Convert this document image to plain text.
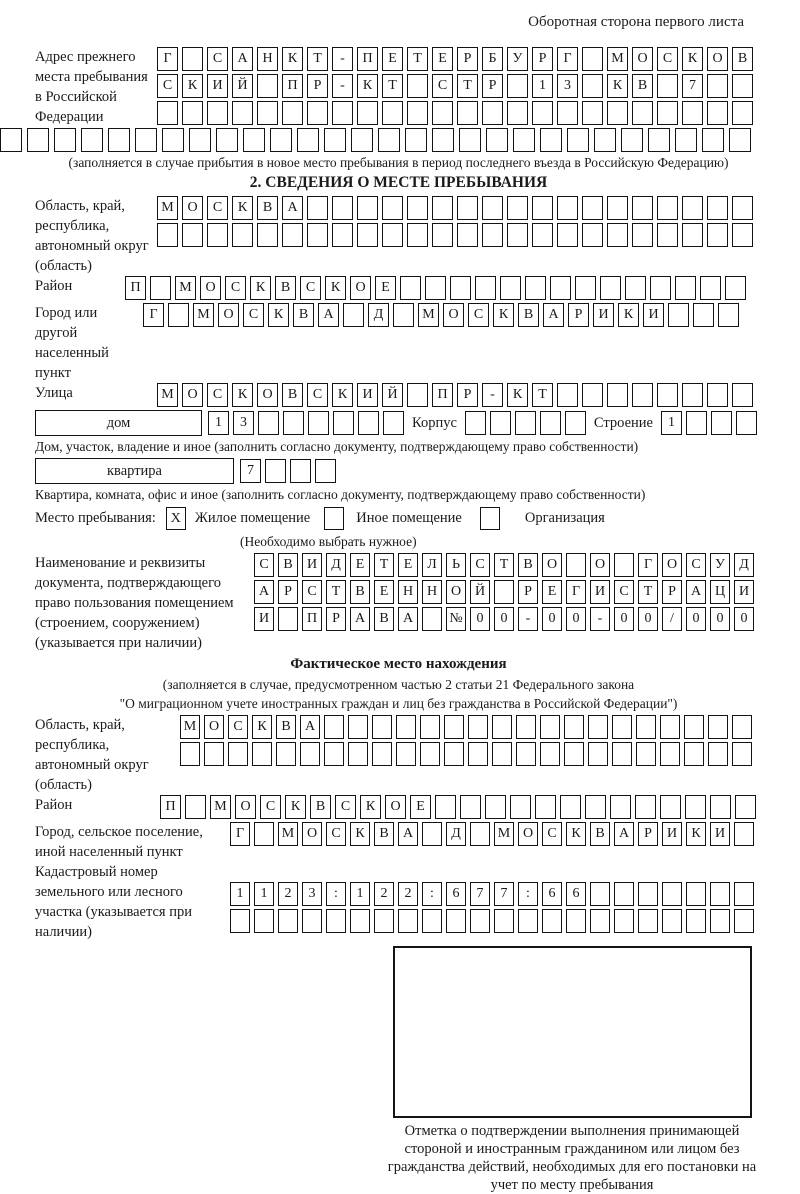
Оборотная сторона первого листа
Адрес прежнего места пребывания в Российской Федерации
Г	С	А	Н	К	Т	-	П	Е	Т	Е	Р	Б	У	Р	Г	М О	С	К	О	В
С	К	И	Й	П	Р	-	К	Т	С	Т	Р	1	3	К	В	7
(заполняется в случае прибытия в новое место пребывания в период последнего въезда в Российскую Федерацию)
2. СВЕДЕНИЯ О МЕСТЕ ПРЕБЫВАНИЯ
Область, край, республика, автономный округ (область)
М О	С	К	В	А
Район	П	М О	С	К	В	С	К	О	Е
Город или другой населенный пункт
Г	М О	С	К	В	А	Д	М О	С	К	В	А	Р	И	К	И
Улица	М О	С	К	О	В	С	К	И	Й	П	Р	-	К	Т
дом	1	3	Корпус	Строение	1
Дом, участок, владение и иное (заполнить согласно документу, подтверждающему право собственности)
квартира	7
Квартира, комната, офис и иное (заполнить согласно документу, подтверждающему право собственности)
Место пребывания:	X Жилое помещение	Иное помещение	Организация
(Необходимо выбрать нужное)
Наименование и реквизиты документа, подтверждающего право пользования помещением (строением, сооружением) (указывается при наличии)
С	В	И	Д	Е	Т	Е	Л	Ь	С	Т	В	О	О	Г	О	С	У	Д
А	Р	С	Т	В	Е	Н Н О Й	Р	Е	Г	И	С	Т	Р	А Ц И
И	П	Р	А	В	А	№ 0	0	-	0	0	-	0	0	/	0	0	0
Фактическое место нахождения
(заполняется в случае, предусмотренном частью 2 статьи 21 Федерального закона
"О миграционном учете иностранных граждан и лиц без гражданства в Российской Федерации")
Область, край, республика, автономный округ (область)
М О	С	К	В	А
Район	П	М О	С	К	В	С	К	О	Е
Город, сельское поселение, иной населенный пункт
Г	М О	С	К	В	А	Д	М О	С	К	В	А	Р	И	К	И
Кадастровый номер земельного или лесного участка (указывается при наличии)
1	1	2	3	:	1	2	2	:	6	7	7	:	6	6
Отметка о подтверждении выполнения принимающей стороной и иностранным гражданином или лицом без гражданства действий, необходимых для его постановки на учет по месту пребывания
